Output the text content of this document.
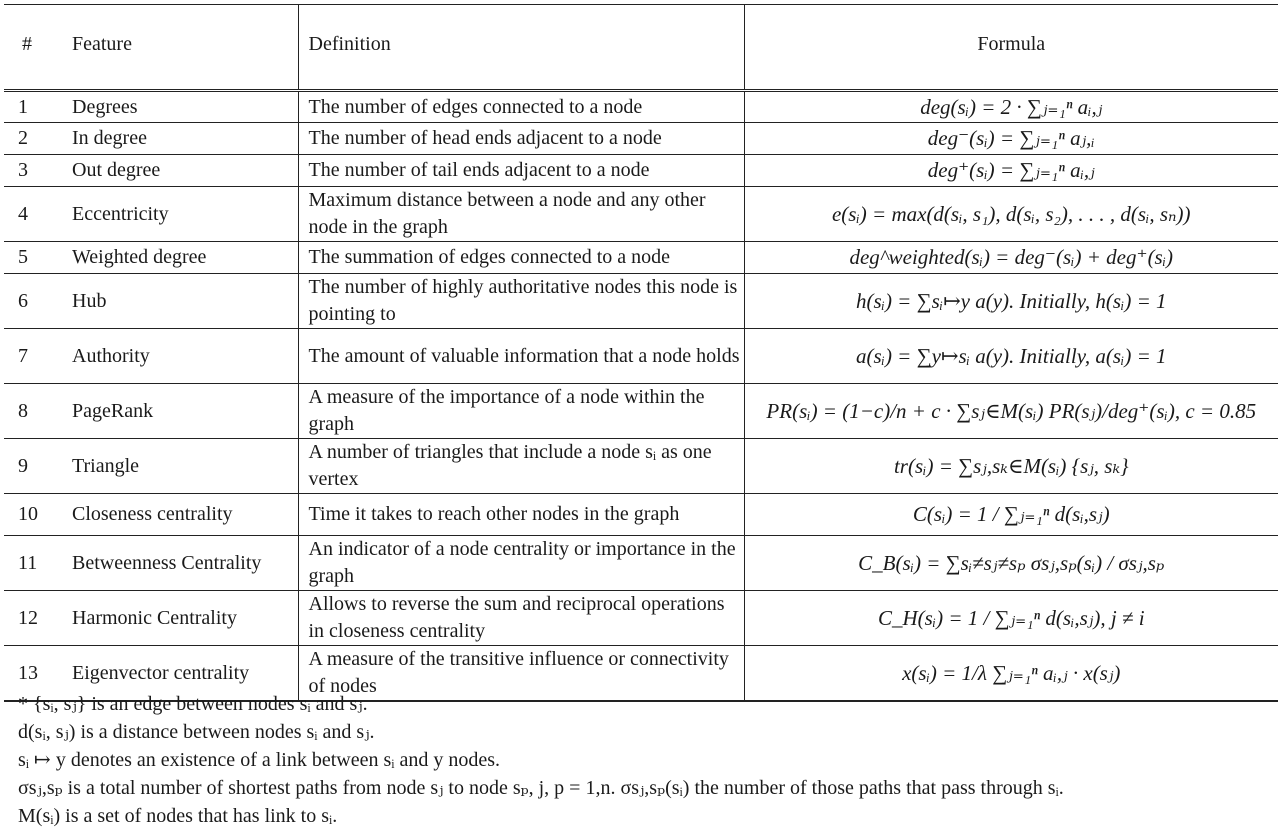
#	Feature	Definition	Formula
1	Degrees	The number of edges connected to a node	deg(sᵢ) = 2 · ∑ⱼ₌₁ⁿ aᵢ,ⱼ
2	In degree	The number of head ends adjacent to a node	deg⁻(sᵢ) = ∑ⱼ₌₁ⁿ aⱼ,ᵢ
3	Out degree	The number of tail ends adjacent to a node	deg⁺(sᵢ) = ∑ⱼ₌₁ⁿ aᵢ,ⱼ
4	Eccentricity	Maximum distance between a node and any other node in the graph	e(sᵢ) = max(d(sᵢ, s₁), d(sᵢ, s₂), . . . , d(sᵢ, sₙ))
5	Weighted degree	The summation of edges connected to a node	deg^weighted(sᵢ) = deg⁻(sᵢ) + deg⁺(sᵢ)
6	Hub	The number of highly authoritative nodes this node is pointing to	h(sᵢ) = ∑sᵢ↦y a(y). Initially, h(sᵢ) = 1
7	Authority	The amount of valuable information that a node holds	a(sᵢ) = ∑y↦sᵢ a(y). Initially, a(sᵢ) = 1
8	PageRank	A measure of the importance of a node within the graph	PR(sᵢ) = (1−c)/n + c · ∑sⱼ∈M(sᵢ) PR(sⱼ)/deg⁺(sᵢ), c = 0.85
9	Triangle	A number of triangles that include a node sᵢ as one vertex	tr(sᵢ) = ∑sⱼ,sₖ∈M(sᵢ) {sⱼ, sₖ}
10	Closeness centrality	Time it takes to reach other nodes in the graph	C(sᵢ) = 1 / ∑ⱼ₌₁ⁿ d(sᵢ,sⱼ)
11	Betweenness Centrality	An indicator of a node centrality or importance in the graph	C_B(sᵢ) = ∑sᵢ≠sⱼ≠sₚ σsⱼ,sₚ(sᵢ) / σsⱼ,sₚ
12	Harmonic Centrality	Allows to reverse the sum and reciprocal operations in closeness centrality	C_H(sᵢ) = 1 / ∑ⱼ₌₁ⁿ d(sᵢ,sⱼ), j ≠ i
13	Eigenvector centrality	A measure of the transitive influence or connectivity of nodes	x(sᵢ) = 1/λ ∑ⱼ₌₁ⁿ aᵢ,ⱼ · x(sⱼ)
* {sᵢ, sⱼ} is an edge between nodes sᵢ and sⱼ.
d(sᵢ, sⱼ) is a distance between nodes sᵢ and sⱼ.
sᵢ ↦ y denotes an existence of a link between sᵢ and y nodes.
σsⱼ,sₚ is a total number of shortest paths from node sⱼ to node sₚ, j, p = 1,n. σsⱼ,sₚ(sᵢ) the number of those paths that pass through sᵢ.
M(sᵢ) is a set of nodes that has link to sᵢ.
